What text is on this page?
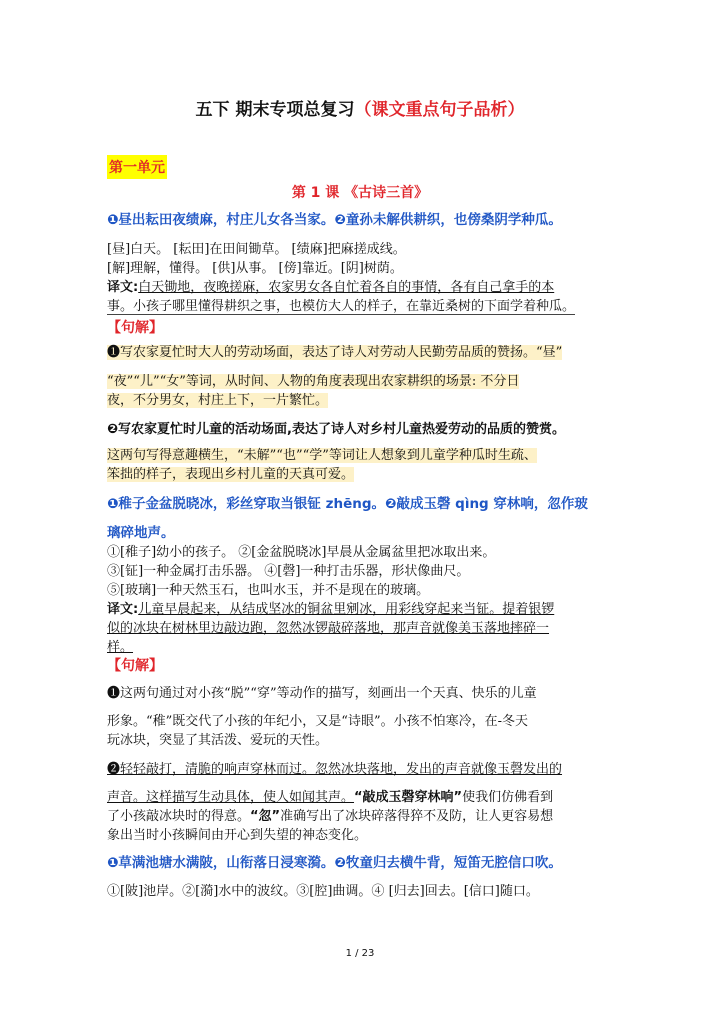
五下 期末专项总复习（课文重点句子品析）
第一单元
第 1 课 《古诗三首》
❶昼出耘田夜绩麻，村庄儿女各当家。❷童孙未解供耕织，也傍桑阴学种瓜。
[昼]白天。 [耘田]在田间锄草。 [绩麻]把麻搓成线。
[解]理解，懂得。 [供]从事。 [傍]靠近。[阴]树荫。
译文:白天锄地，夜晚搓麻，农家男女各自忙着各自的事情，各有自己拿手的本
事。小孩子哪里懂得耕织之事，也模仿大人的样子，在靠近桑树的下面学着种瓜。
【句解】
❶写农家夏忙时大人的劳动场面，表达了诗人对劳动人民勤劳品质的赞扬。“昼”
“夜”“儿”“女”等词，从时间、人物的角度表现出农家耕织的场景: 不分日
夜，不分男女，村庄上下，一片繁忙。
❷写农家夏忙时儿童的活动场面,表达了诗人对乡村儿童热爱劳动的品质的赞赏。
这两句写得意趣横生，“未解”“也”“学”等词让人想象到儿童学种瓜时生疏、
笨拙的样子，表现出乡村儿童的天真可爱。
❶稚子金盆脱晓冰，彩丝穿取当银钲 zhēng。❷敲成玉磬 qìng 穿林响，忽作玻
璃碎地声。
①[稚子]幼小的孩子。 ②[金盆脱晓冰]早晨从金属盆里把冰取出来。
③[钲]一种金属打击乐器。 ④[磬]一种打击乐器，形状像曲尺。
⑤[玻璃]一种天然玉石，也叫水玉，并不是现在的玻璃。
译文:儿童早晨起来，从结成坚冰的铜盆里剜冰，用彩线穿起来当钲。提着银锣
似的冰块在树林里边敲边跑，忽然冰锣敲碎落地，那声音就像美玉落地摔碎一
样。
【句解】
❶这两句通过对小孩“脱”“穿”等动作的描写，刻画出一个天真、快乐的儿童
形象。“稚”既交代了小孩的年纪小，又是“诗眼”。小孩不怕寒冷，在-冬天
玩冰块，突显了其活泼、爱玩的天性。
❷轻轻敲打，清脆的响声穿林而过。忽然冰块落地，发出的声音就像玉磬发出的
声音。这样描写生动具体，使人如闻其声。“敲成玉磬穿林响”使我们仿佛看到
了小孩敲冰块时的得意。“忽”准确写出了冰块碎落得猝不及防，让人更容易想
象出当时小孩瞬间由开心到失望的神态变化。
❶草满池塘水满陂，山衔落日浸寒漪。❷牧童归去横牛背，短笛无腔信口吹。
①[陂]池岸。②[漪]水中的波纹。③[腔]曲调。④ [归去]回去。[信口]随口。
1 / 23
